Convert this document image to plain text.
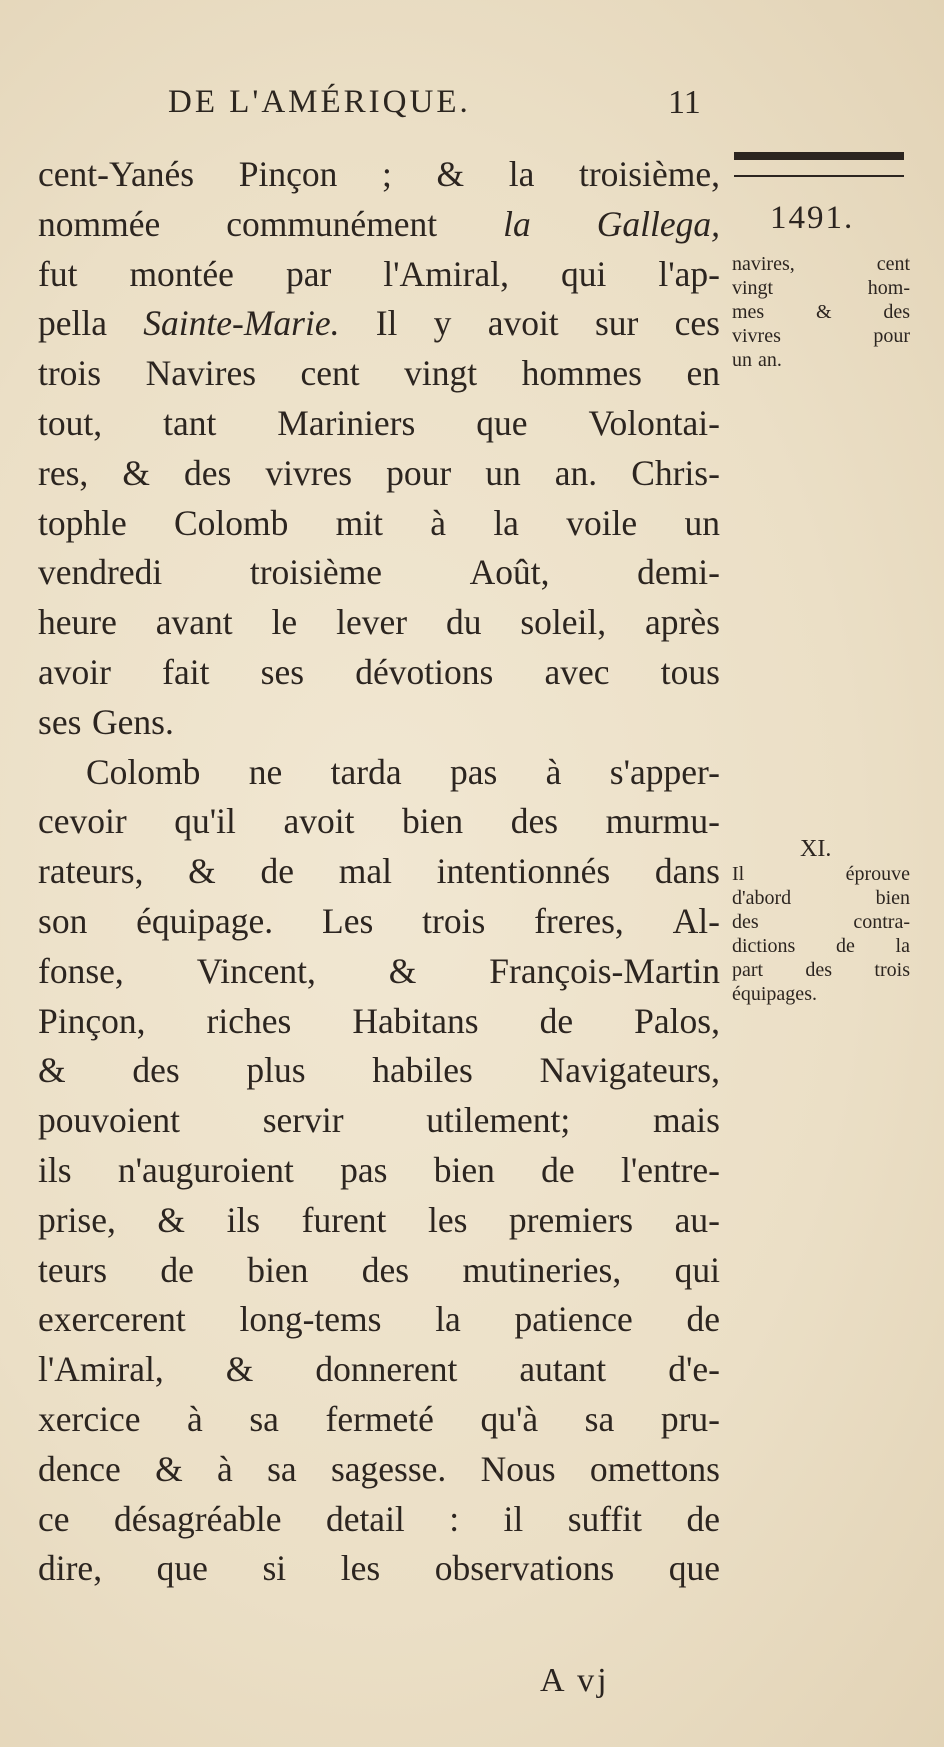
DE L'AMÉRIQUE.	11
cent-Yanés Pinçon ; & la troisième,
nommée communément la Gallega,
fut montée par l'Amiral, qui l'ap-
pella Sainte-Marie. Il y avoit sur ces
trois Navires cent vingt hommes en
tout, tant Mariniers que Volontai-
res, & des vivres pour un an. Chris-
tophle Colomb mit à la voile un
vendredi troisième Août, demi-
heure avant le lever du soleil, après
avoir fait ses dévotions avec tous
ses Gens.
Colomb ne tarda pas à s'apper-
cevoir qu'il avoit bien des murmu-
rateurs, & de mal intentionnés dans
son équipage. Les trois freres, Al-
fonse, Vincent, & François-Martin
Pinçon, riches Habitans de Palos,
& des plus habiles Navigateurs,
pouvoient servir utilement; mais
ils n'auguroient pas bien de l'entre-
prise, & ils furent les premiers au-
teurs de bien des mutineries, qui
exercerent long-tems la patience de
l'Amiral, & donnerent autant d'e-
xercice à sa fermeté qu'à sa pru-
dence & à sa sagesse. Nous omettons
ce désagréable detail : il suffit de
dire, que si les observations que
1491.
navires,	cent
vingt	hom-
mes	&	des
vivres	pour
un an.
XI.
Il	éprouve
d'abord	bien
des	contra-
dictions de la
part des trois
équipages.
A vj
